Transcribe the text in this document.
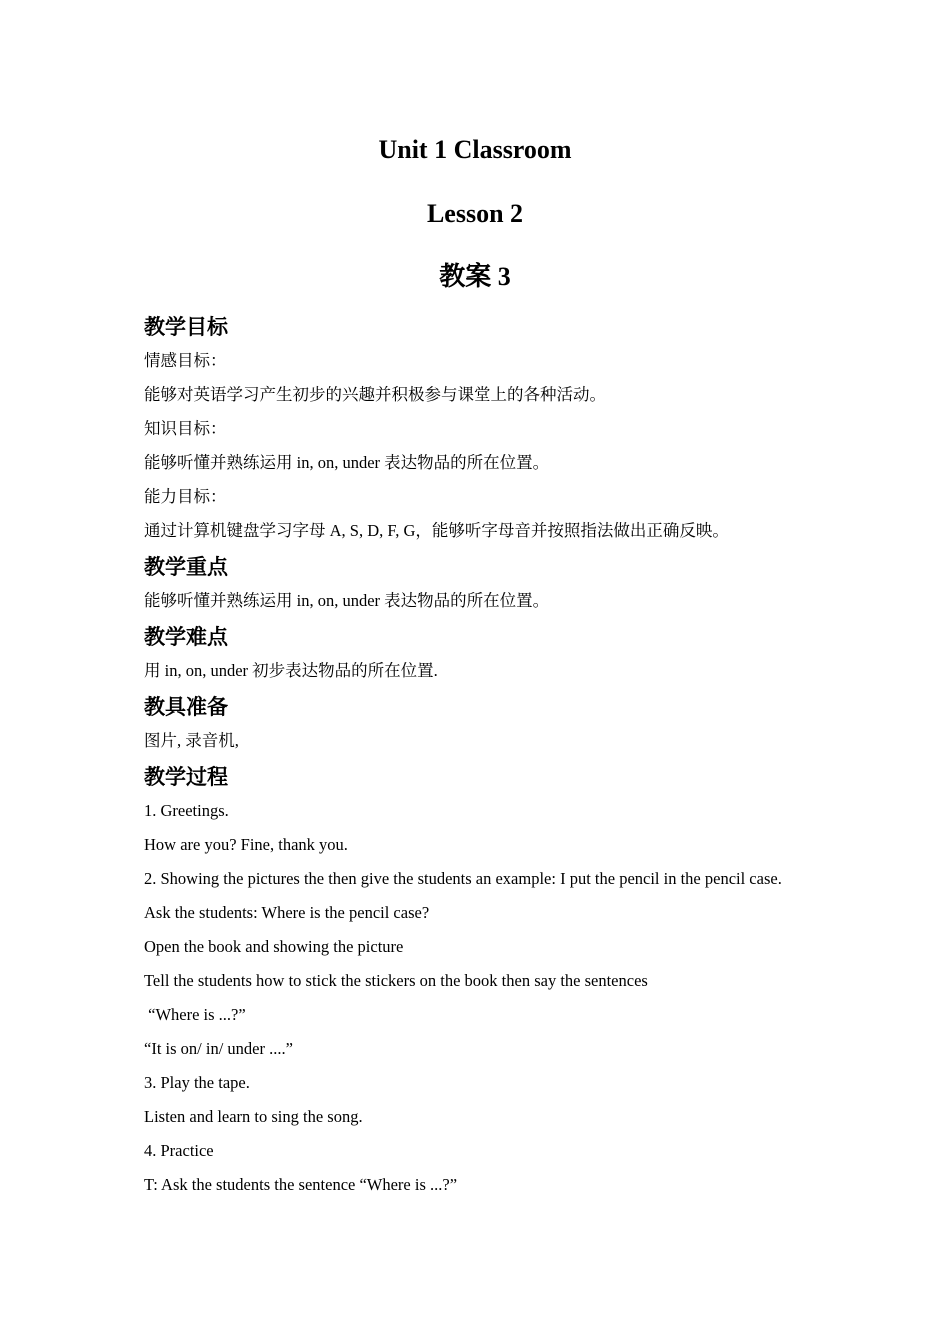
Unit 1 Classroom
Lesson 2
教案 3
教学目标
情感目标：
能够对英语学习产生初步的兴趣并积极参与课堂上的各种活动。
知识目标：
能够听懂并熟练运用 in, on, under 表达物品的所在位置。
能力目标：
通过计算机键盘学习字母 A, S, D, F, G，能够听字母音并按照指法做出正确反映。
教学重点
能够听懂并熟练运用 in, on, under 表达物品的所在位置。
教学难点
用 in, on, under 初步表达物品的所在位置.
教具准备
图片, 录音机,
教学过程
1. Greetings.
How are you? Fine, thank you.
2. Showing the pictures the then give the students an example: I put the pencil in the pencil case.
Ask the students: Where is the pencil case?
Open the book and showing the picture
Tell the students how to stick the stickers on the book then say the sentences
“Where is ...?”
“It is on/ in/ under ....”
3. Play the tape.
Listen and learn to sing the song.
4. Practice
T: Ask the students the sentence “Where is ...?”
